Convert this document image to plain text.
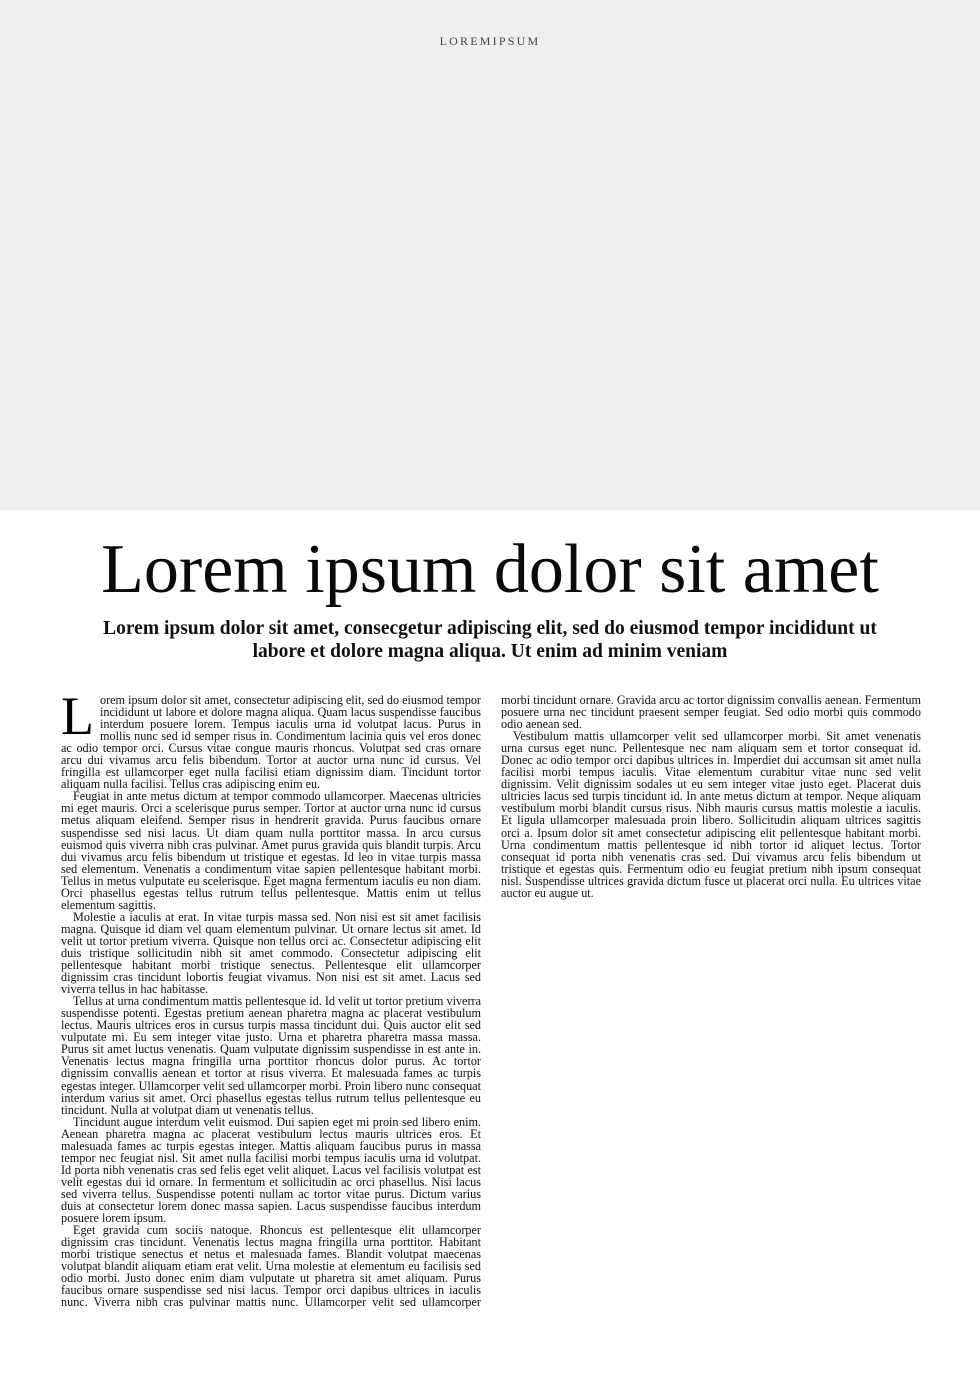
LOREMIPSUM
Lorem ipsum dolor sit amet
Lorem ipsum dolor sit amet, consecgetur adipiscing elit, sed do eiusmod tempor incididunt ut labore et dolore magna aliqua. Ut enim ad minim veniam

Lorem ipsum dolor sit amet, consectetur adipiscing elit, sed do eiusmod tempor incididunt ut labore et dolore magna aliqua. Quam lacus suspendisse faucibus interdum posuere lorem. Tempus iaculis urna id volutpat lacus. Purus in mollis nunc sed id semper risus in. Condimentum lacinia quis vel eros donec ac odio tempor orci. Cursus vitae congue mauris rhoncus. Volutpat sed cras ornare arcu dui vivamus arcu felis bibendum. Tortor at auctor urna nunc id cursus. Vel fringilla est ullamcorper eget nulla facilisi etiam dignissim diam. Tincidunt tortor aliquam nulla facilisi. Tellus cras adipiscing enim eu.

Feugiat in ante metus dictum at tempor commodo ullamcorper. Maecenas ultricies mi eget mauris. Orci a scelerisque purus semper. Tortor at auctor urna nunc id cursus metus aliquam eleifend. Semper risus in hendrerit gravida. Purus faucibus ornare suspendisse sed nisi lacus. Ut diam quam nulla porttitor massa. In arcu cursus euismod quis viverra nibh cras pulvinar. Amet purus gravida quis blandit turpis. Arcu dui vivamus arcu felis bibendum ut tristique et egestas. Id leo in vitae turpis massa sed elementum. Venenatis a condimentum vitae sapien pellentesque habitant morbi. Tellus in metus vulputate eu scelerisque. Eget magna fermentum iaculis eu non diam. Orci phasellus egestas tellus rutrum tellus pellentesque. Mattis enim ut tellus elementum sagittis.

Molestie a iaculis at erat. In vitae turpis massa sed. Non nisi est sit amet facilisis magna. Quisque id diam vel quam elementum pulvinar. Ut ornare lectus sit amet. Id velit ut tortor pretium viverra. Quisque non tellus orci ac. Consectetur adipiscing elit duis tristique sollicitudin nibh sit amet commodo. Consectetur adipiscing elit pellentesque habitant morbi tristique senectus. Pellentesque elit ullamcorper dignissim cras tincidunt lobortis feugiat vivamus. Non nisi est sit amet. Lacus sed viverra tellus in hac habitasse.

Tellus at urna condimentum mattis pellentesque id. Id velit ut tortor pretium viverra suspendisse potenti. Egestas pretium aenean pharetra magna ac placerat vestibulum lectus. Mauris ultrices eros in cursus turpis massa tincidunt dui. Quis auctor elit sed vulputate mi. Eu sem integer vitae justo. Urna et pharetra pharetra massa massa. Purus sit amet luctus venenatis. Quam vulputate dignissim suspendisse in est ante in. Venenatis lectus magna fringilla urna porttitor rhoncus dolor purus. Ac tortor dignissim convallis aenean et tortor at risus viverra. Et malesuada fames ac turpis egestas integer. Ullamcorper velit sed ullamcorper morbi. Proin libero nunc consequat interdum varius sit amet. Orci phasellus egestas tellus rutrum tellus pellentesque eu tincidunt. Nulla at volutpat diam ut venenatis tellus.

Tincidunt augue interdum velit euismod. Dui sapien eget mi proin sed libero enim. Aenean pharetra magna ac placerat vestibulum lectus mauris ultrices eros. Et malesuada fames ac turpis egestas integer. Mattis aliquam faucibus purus in massa tempor nec feugiat nisl. Sit amet nulla facilisi morbi tempus iaculis urna id volutpat. Id porta nibh venenatis cras sed felis eget velit aliquet. Lacus vel facilisis volutpat est velit egestas dui id ornare. In fermentum et sollicitudin ac orci phasellus. Nisi lacus sed viverra tellus. Suspendisse potenti nullam ac tortor vitae purus. Dictum varius duis at consectetur lorem donec massa sapien. Lacus suspendisse faucibus interdum posuere lorem ipsum.

Eget gravida cum sociis natoque. Rhoncus est pellentesque elit ullamcorper dignissim cras tincidunt. Venenatis lectus magna fringilla urna porttitor. Habitant morbi tristique senectus et netus et malesuada fames. Blandit volutpat maecenas volutpat blandit aliquam etiam erat velit. Urna molestie at elementum eu facilisis sed odio morbi. Justo donec enim diam vulputate ut pharetra sit amet aliquam. Purus faucibus ornare suspendisse sed nisi lacus. Tempor orci dapibus ultrices in iaculis nunc. Viverra nibh cras pulvinar mattis nunc. Ullamcorper velit sed ullamcorper morbi tincidunt ornare. Gravida arcu ac tortor dignissim convallis aenean. Fermentum posuere urna nec tincidunt praesent semper feugiat. Sed odio morbi quis commodo odio aenean sed.

Vestibulum mattis ullamcorper velit sed ullamcorper morbi. Sit amet venenatis urna cursus eget nunc. Pellentesque nec nam aliquam sem et tortor consequat id. Donec ac odio tempor orci dapibus ultrices in. Imperdiet dui accumsan sit amet nulla facilisi morbi tempus iaculis. Vitae elementum curabitur vitae nunc sed velit dignissim. Velit dignissim sodales ut eu sem integer vitae justo eget. Placerat duis ultricies lacus sed turpis tincidunt id. In ante metus dictum at tempor. Neque aliquam vestibulum morbi blandit cursus risus. Nibh mauris cursus mattis molestie a iaculis. Et ligula ullamcorper malesuada proin libero. Sollicitudin aliquam ultrices sagittis orci a. Ipsum dolor sit amet consectetur adipiscing elit pellentesque habitant morbi. Urna condimentum mattis pellentesque id nibh tortor id aliquet lectus. Tortor consequat id porta nibh venenatis cras sed. Dui vivamus arcu felis bibendum ut tristique et egestas quis. Fermentum odio eu feugiat pretium nibh ipsum consequat nisl. Suspendisse ultrices gravida dictum fusce ut placerat orci nulla. Eu ultrices vitae auctor eu augue ut.
